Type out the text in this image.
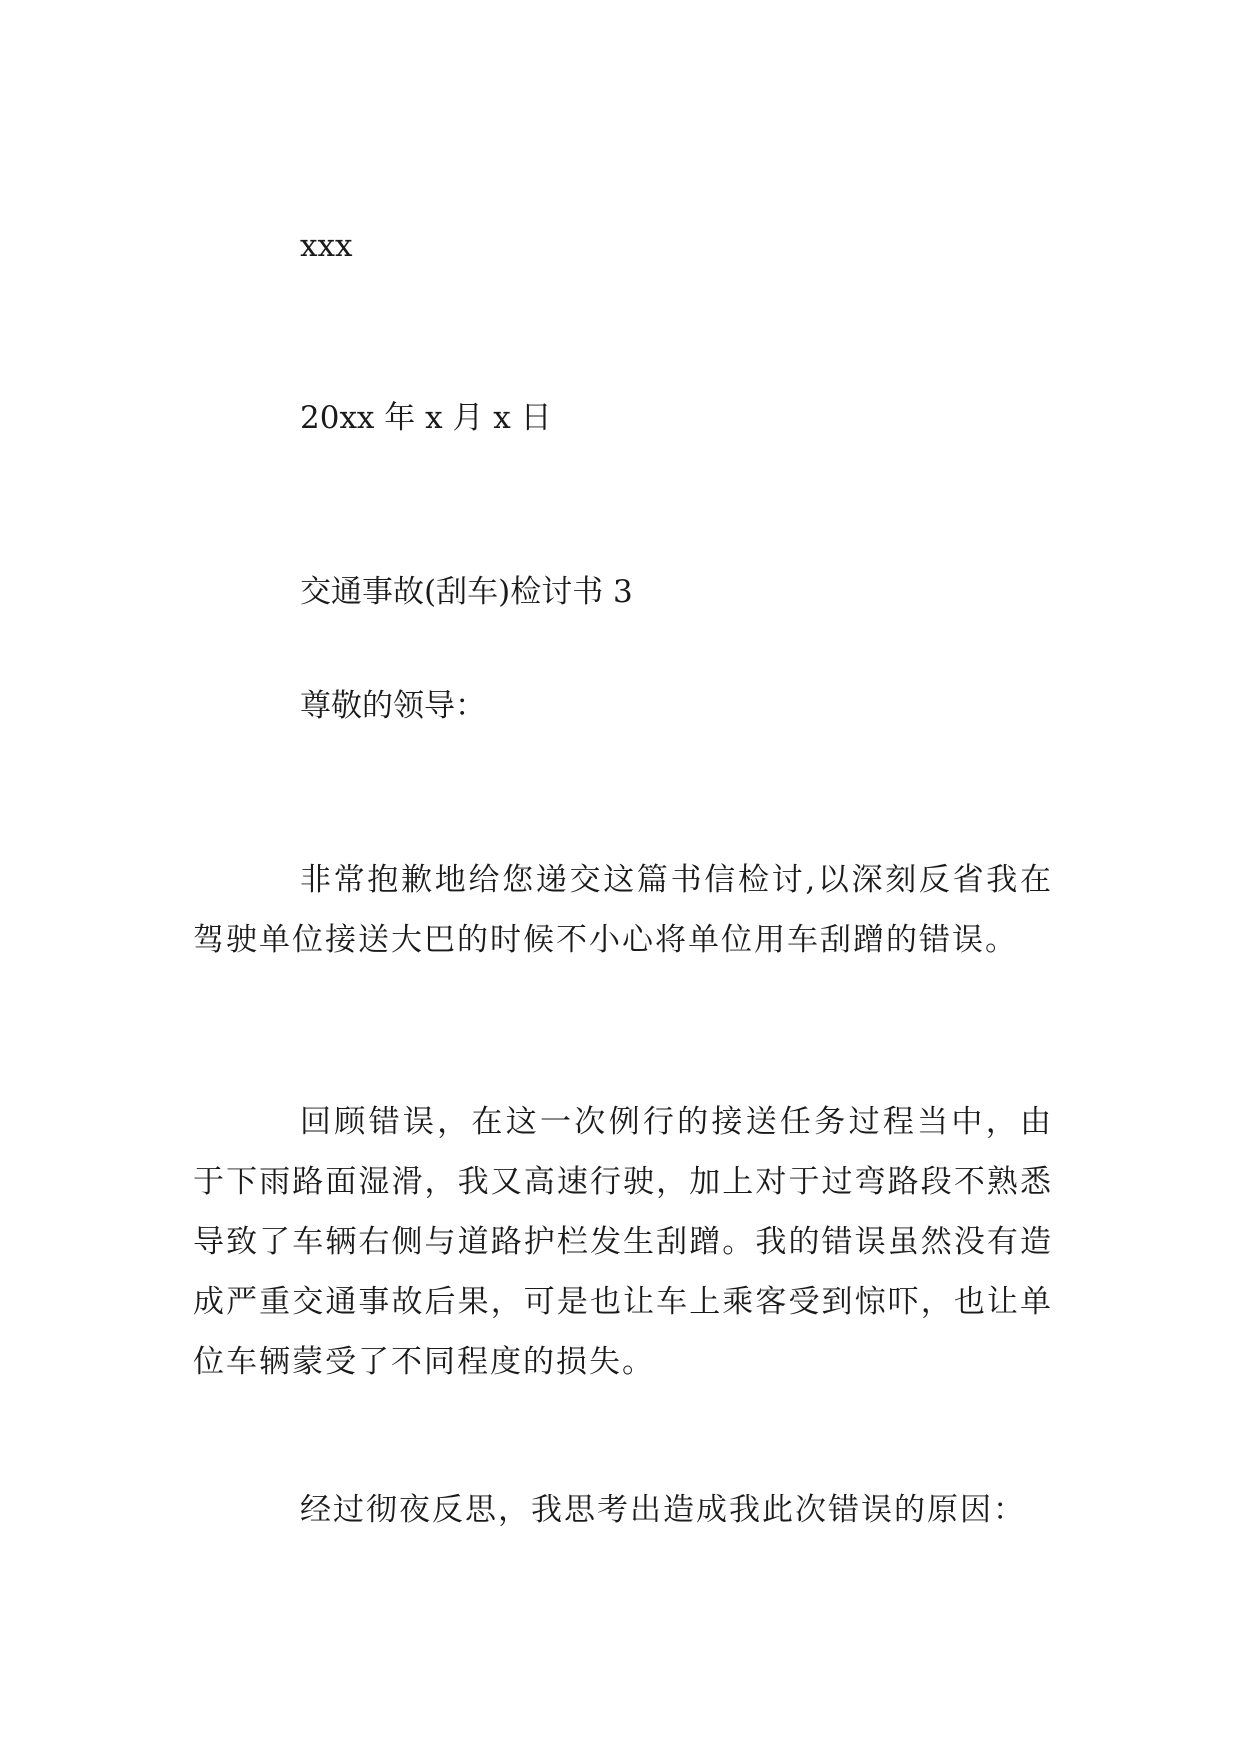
xxx

20xx 年 x 月 x 日

交通事故(刮车)检讨书 3

尊敬的领导：

非常抱歉地给您递交这篇书信检讨,以深刻反省我在驾驶单位接送大巴的时候不小心将单位用车刮蹭的错误。

回顾错误，在这一次例行的接送任务过程当中，由于下雨路面湿滑，我又高速行驶，加上对于过弯路段不熟悉导致了车辆右侧与道路护栏发生刮蹭。我的错误虽然没有造成严重交通事故后果，可是也让车上乘客受到惊吓，也让单位车辆蒙受了不同程度的损失。

经过彻夜反思，我思考出造成我此次错误的原因：
